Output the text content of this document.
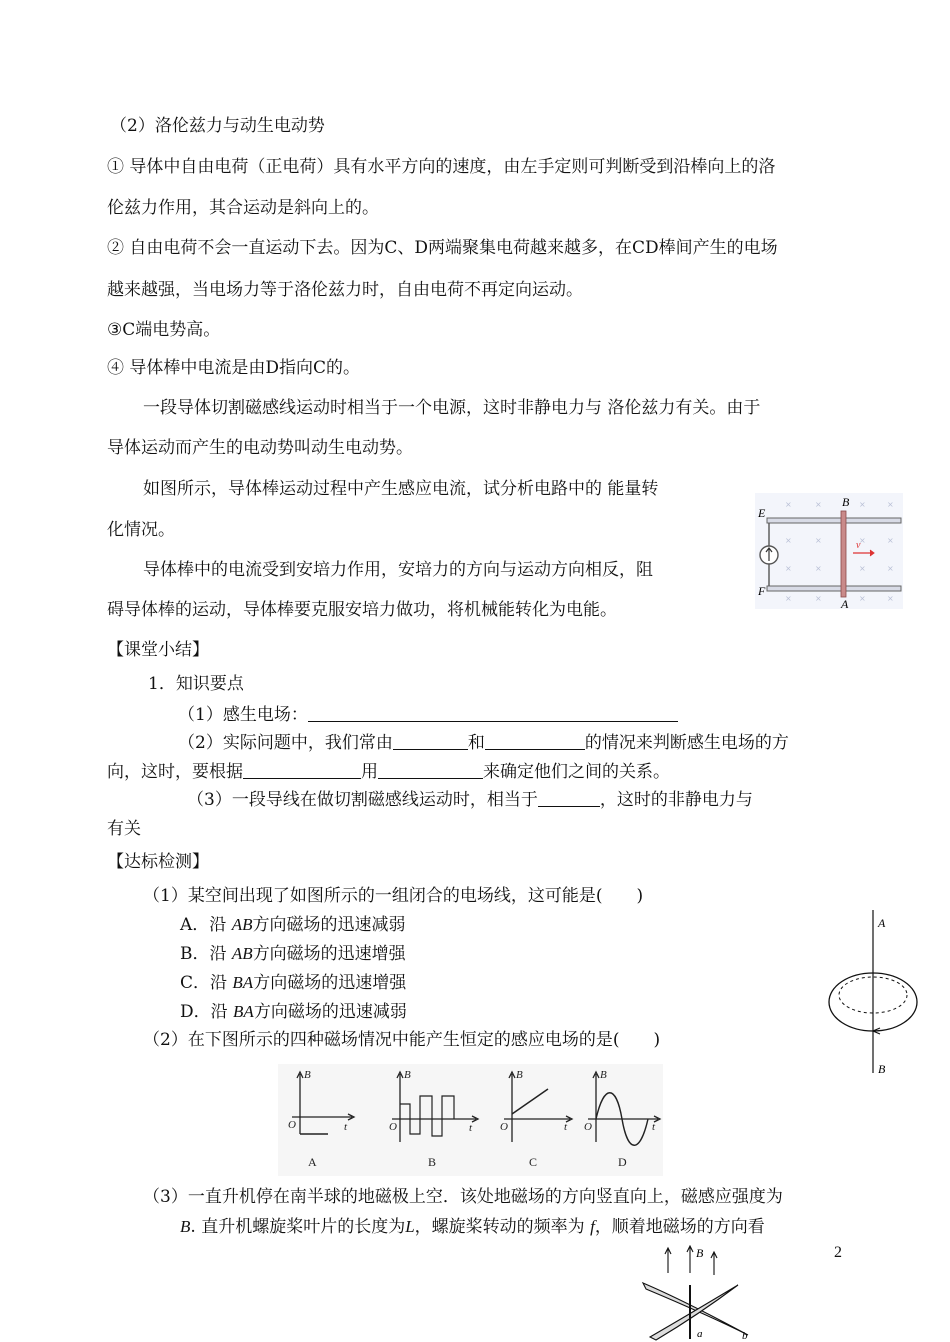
（2）洛伦兹力与动生电动势
① 导体中自由电荷（正电荷）具有水平方向的速度，由左手定则可判断受到沿棒向上的洛
伦兹力作用，其合运动是斜向上的。
② 自由电荷不会一直运动下去。因为C、D两端聚集电荷越来越多，在CD棒间产生的电场
越来越强，当电场力等于洛伦兹力时，自由电荷不再定向运动。
③C端电势高。
④ 导体棒中电流是由D指向C的。
一段导体切割磁感线运动时相当于一个电源，这时非静电力与 洛伦兹力有关。由于
导体运动而产生的电动势叫动生电动势。
如图所示，导体棒运动过程中产生感应电流，试分析电路中的 能量转
化情况。
导体棒中的电流受到安培力作用，安培力的方向与运动方向相反，阻
碍导体棒的运动，导体棒要克服安培力做功，将机械能转化为电能。
×	×	×	×
×	×	×	×
×	×	×	×
×	×	×	×
E
F
B
A
v
【课堂小结】
1．知识要点
（1）感生电场：
（2）实际问题中，我们常由	和	的情况来判断感生电场的方
向，这时，要根据	用	来确定他们之间的关系。
（3）一段导线在做切割磁感线运动时，相当于	，这时的非静电力与
有关
【达标检测】
（1）某空间出现了如图所示的一组闭合的电场线，这可能是(　　)
A．沿 AB方向磁场的迅速减弱
B．沿 AB方向磁场的迅速增强
C．沿 BA方向磁场的迅速增强
D．沿 BA方向磁场的迅速减弱
A
B
（2）在下图所示的四种磁场情况中能产生恒定的感应电场的是(　　)
B
O	t
B
O	t
B
O	t
B
O	t
A	B	C	D
（3）一直升机停在南半球的地磁极上空．该处地磁场的方向竖直向上，磁感应强度为
B. 直升机螺旋桨叶片的长度为L，螺旋桨转动的频率为 f，顺着地磁场的方向看
2
B
a	b
